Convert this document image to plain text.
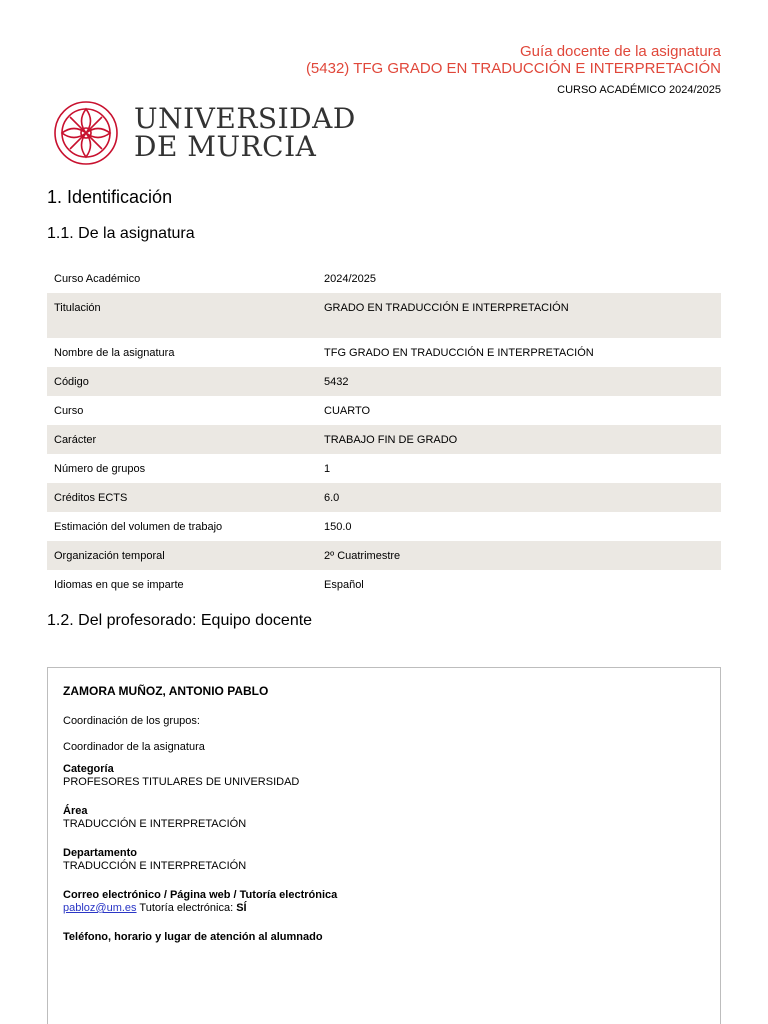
Guía docente de la asignatura
(5432) TFG GRADO EN TRADUCCIÓN E INTERPRETACIÓN
CURSO ACADÉMICO 2024/2025
UNIVERSIDAD
DE MURCIA
1. Identificación
1.1. De la asignatura
Curso Académico	2024/2025
Titulación	GRADO EN TRADUCCIÓN E INTERPRETACIÓN
Nombre de la asignatura	TFG GRADO EN TRADUCCIÓN E INTERPRETACIÓN
Código	5432
Curso	CUARTO
Carácter	TRABAJO FIN DE GRADO
Número de grupos	1
Créditos ECTS	6.0
Estimación del volumen de trabajo	150.0
Organización temporal	2º Cuatrimestre
Idiomas en que se imparte	Español
1.2. Del profesorado: Equipo docente
ZAMORA MUÑOZ, ANTONIO PABLO
Coordinación de los grupos:
Coordinador de la asignatura
Categoría
PROFESORES TITULARES DE UNIVERSIDAD
Área
TRADUCCIÓN E INTERPRETACIÓN
Departamento
TRADUCCIÓN E INTERPRETACIÓN
Correo electrónico / Página web / Tutoría electrónica
pabloz@um.es Tutoría electrónica: SÍ
Teléfono, horario y lugar de atención al alumnado
